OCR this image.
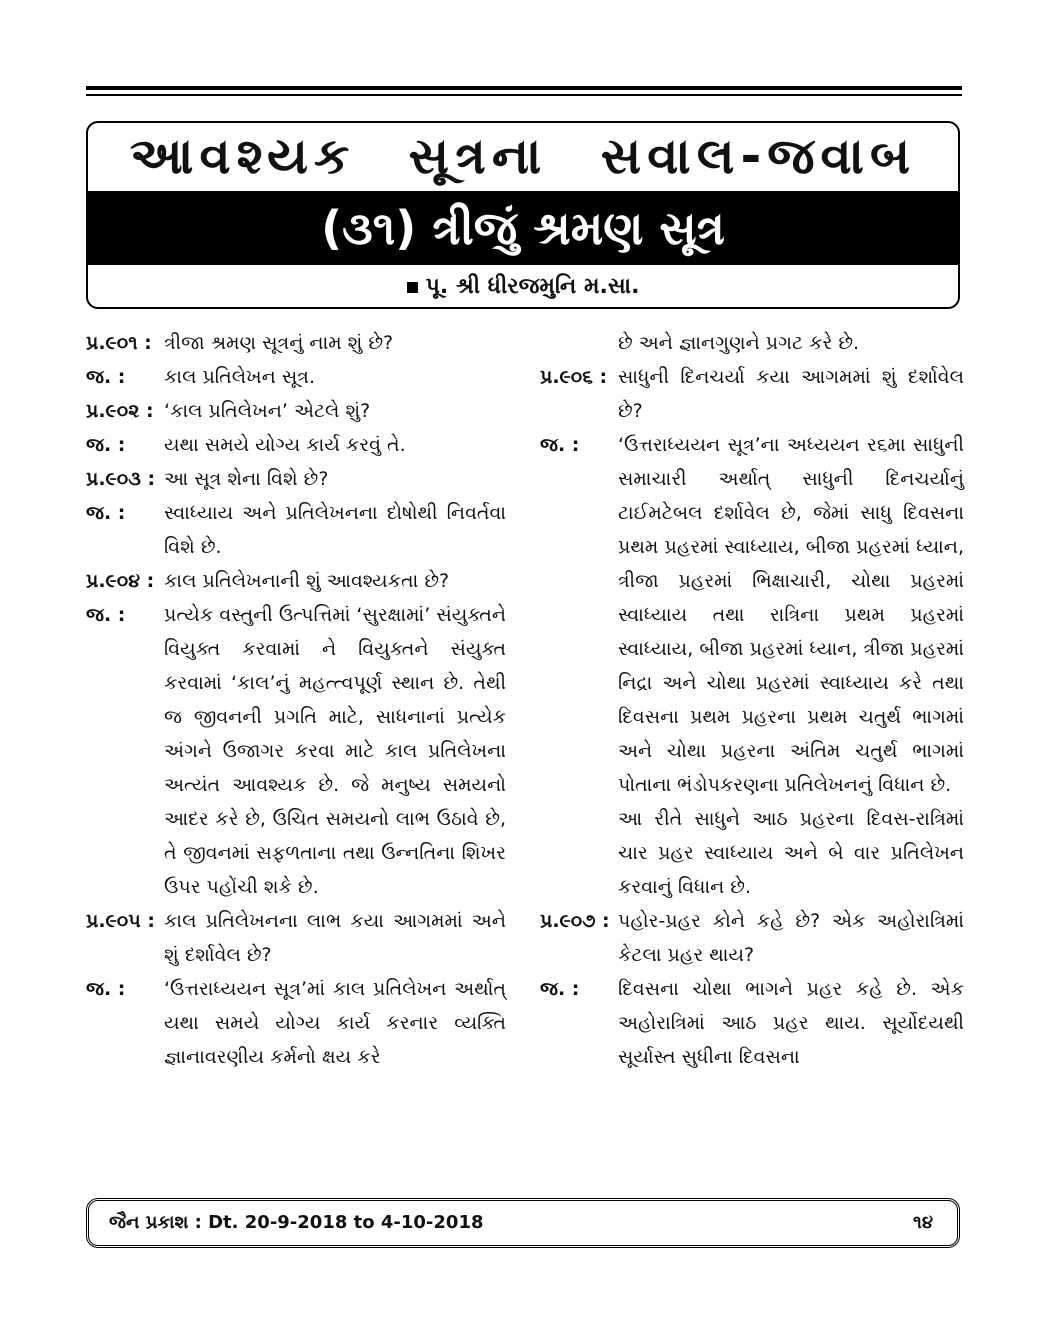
આવશ્યક સૂત્રના સવાલ-જવાબ
(૩૧) ત્રીજું શ્રમણ સૂત્ર
પૂ. શ્રી ધીરજમુનિ મ.સા.
પ્ર.૯૦૧ : ત્રીજા શ્રમણ સૂત્રનું નામ શું છે?
જ. :	કાલ પ્રતિલેખન સૂત્ર.
પ્ર.૯૦૨ : ‘કાલ પ્રતિલેખન’ એટલે શું?
જ. :	યથા સમયે યોગ્ય કાર્ય કરવું તે.
પ્ર.૯૦૩ : આ સૂત્ર શેના વિશે છે?
જ. :	સ્વાધ્યાય અને પ્રતિલેખનના દોષોથી નિવર્તવા વિશે છે.
પ્ર.૯૦૪ : કાલ પ્રતિલેખનાની શું આવશ્યકતા છે?
જ. :	પ્રત્યેક વસ્તુની ઉત્પત્તિમાં ‘સુરક્ષામાં’ સંયુક્તને વિયુક્ત કરવામાં ને વિયુક્તને સંયુક્ત કરવામાં ‘કાલ’નું મહત્ત્વપૂર્ણ સ્થાન છે. તેથી જ જીવનની પ્રગતિ માટે, સાધનાનાં પ્રત્યેક અંગને ઉજાગર કરવા માટે કાલ પ્રતિલેખના અત્યંત આવશ્યક છે. જે મનુષ્ય સમયનો આદર કરે છે, ઉચિત સમયનો લાભ ઉઠાવે છે, તે જીવનમાં સફળતાના તથા ઉન્નતિના શિખર ઉપર પહોંચી શકે છે.
પ્ર.૯૦૫ : કાલ પ્રતિલેખનના લાભ કયા આગમમાં અને શું દર્શાવેલ છે?
જ. :	‘ઉત્તરાધ્યયન સૂત્ર’માં કાલ પ્રતિલેખન અર્થાત્ યથા સમયે યોગ્ય કાર્ય કરનાર વ્યક્તિ જ્ઞાનાવરણીય કર્મનો ક્ષય કરે
છે અને જ્ઞાનગુણને પ્રગટ કરે છે.
પ્ર.૯૦૬ : સાધુની દિનચર્યા કયા આગમમાં શું દર્શાવેલ છે?
જ. :	‘ઉત્તરાધ્યયન સૂત્ર’ના અધ્યયન ર૬મા સાધુની સમાચારી અર્થાત્ સાધુની દિનચર્યાનું ટાઈમટેબલ દર્શાવેલ છે, જેમાં સાધુ દિવસના પ્રથમ પ્રહરમાં સ્વાધ્યાય, બીજા પ્રહરમાં ધ્યાન, ત્રીજા પ્રહરમાં ભિક્ષાચારી, ચોથા પ્રહરમાં સ્વાધ્યાય તથા રાત્રિના પ્રથમ પ્રહરમાં સ્વાધ્યાય, બીજા પ્રહરમાં ધ્યાન, ત્રીજા પ્રહરમાં નિદ્રા અને ચોથા પ્રહરમાં સ્વાધ્યાય કરે તથા દિવસના પ્રથમ પ્રહરના પ્રથમ ચતુર્થ ભાગમાં અને ચોથા પ્રહરના અંતિમ ચતુર્થ ભાગમાં પોતાના ભંડોપકરણના પ્રતિલેખનનું વિધાન છે.
આ રીતે સાધુને આઠ પ્રહરના દિવસ-રાત્રિમાં ચાર પ્રહર સ્વાધ્યાય અને બે વાર પ્રતિલેખન કરવાનું વિધાન છે.
પ્ર.૯૦૭ : પહોર-પ્રહર કોને કહે છે? એક અહોરાત્રિમાં કેટલા પ્રહર થાય?
જ. :	દિવસના ચોથા ભાગને પ્રહર કહે છે. એક અહોરાત્રિમાં આઠ પ્રહર થાય. સૂર્યોદયથી સૂર્યાસ્ત સુધીના દિવસના
જૈન પ્રકાશ : Dt. 20-9-2018 to 4-10-2018	૧૪
